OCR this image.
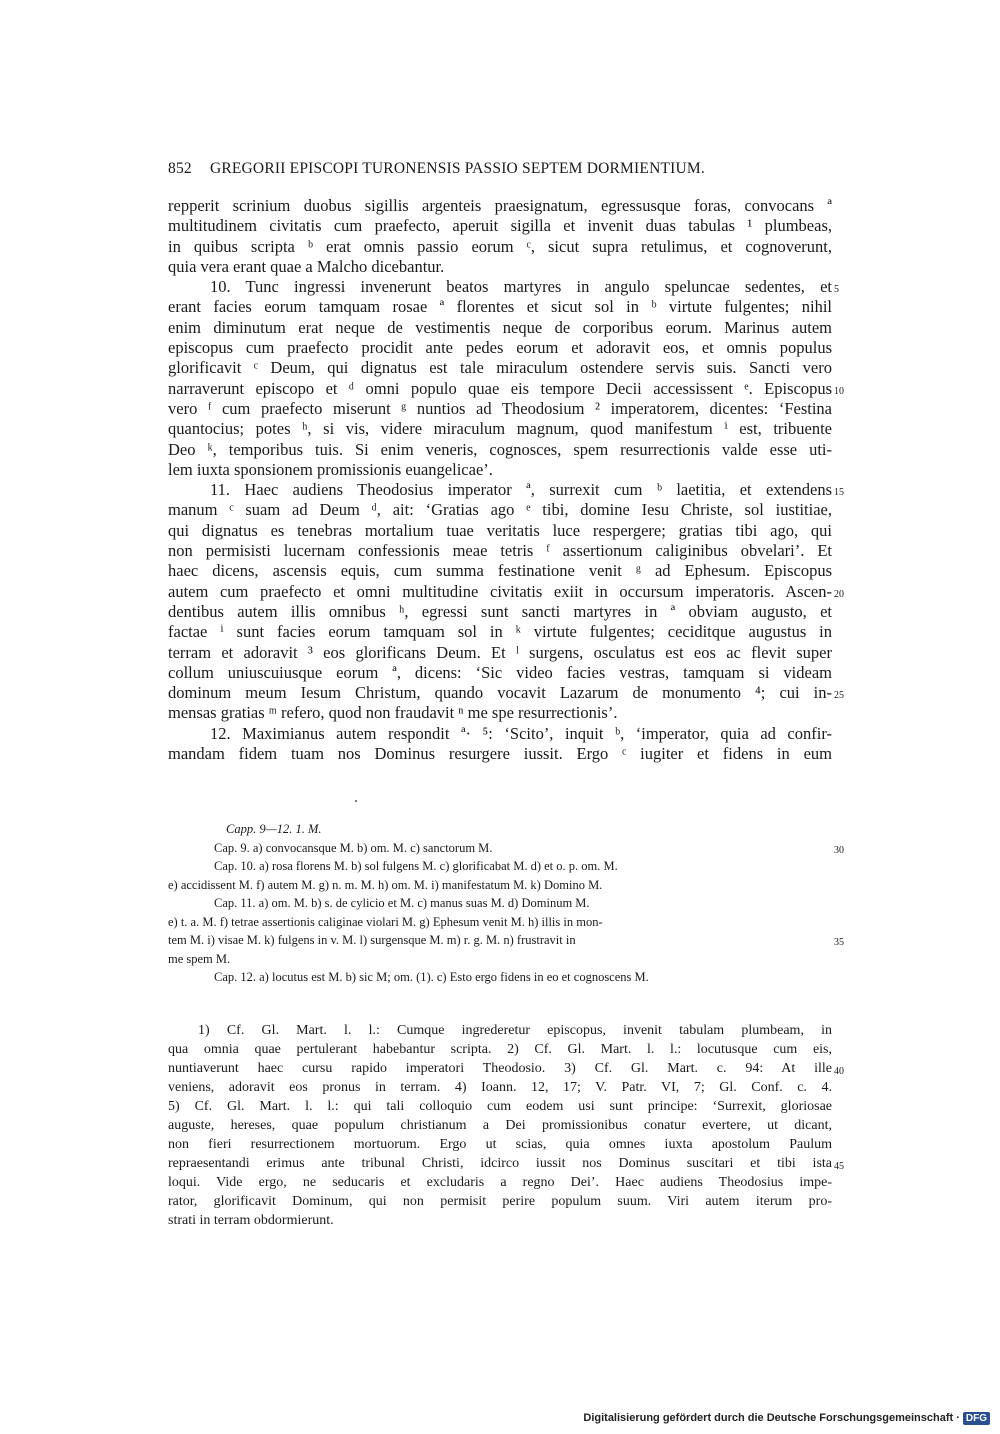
852 GREGORII EPISCOPI TURONENSIS PASSIO SEPTEM DORMIENTIUM.
repperit scrinium duobus sigillis argenteis praesignatum, egressusque foras, convocans ª
multitudinem civitatis cum praefecto, aperuit sigilla et invenit duas tabulas ¹ plumbeas,
in quibus scripta ᵇ erat omnis passio eorum ᶜ, sicut supra retulimus, et cognoverunt,
quia vera erant quae a Malcho dicebantur.
10. Tunc ingressi invenerunt beatos martyres in angulo speluncae sedentes, et 5
erant facies eorum tamquam rosae ª florentes et sicut sol in ᵇ virtute fulgentes; nihil
enim diminutum erat neque de vestimentis neque de corporibus eorum. Marinus autem
episcopus cum praefecto procidit ante pedes eorum et adoravit eos, et omnis populus
glorificavit ᶜ Deum, qui dignatus est tale miraculum ostendere servis suis. Sancti vero
narraverunt episcopo et ᵈ omni populo quae eis tempore Decii accessissent ᵉ. Episcopus 10
vero ᶠ cum praefecto miserunt ᵍ nuntios ad Theodosium ² imperatorem, dicentes: ‘Festina
quantocius; potes ʰ, si vis, videre miraculum magnum, quod manifestum ⁱ est, tribuente
Deo ᵏ, temporibus tuis. Si enim veneris, cognosces, spem resurrectionis valde esse uti-
lem iuxta sponsionem promissionis euangelicae’.
11. Haec audiens Theodosius imperator ª, surrexit cum ᵇ laetitia, et extendens 15
manum ᶜ suam ad Deum ᵈ, ait: ‘Gratias ago ᵉ tibi, domine Iesu Christe, sol iustitiae,
qui dignatus es tenebras mortalium tuae veritatis luce respergere; gratias tibi ago, qui
non permisisti lucernam confessionis meae tetris ᶠ assertionum caliginibus obvelari’. Et
haec dicens, ascensis equis, cum summa festinatione venit ᵍ ad Ephesum. Episcopus
autem cum praefecto et omni multitudine civitatis exiit in occursum imperatoris. Ascen- 20
dentibus autem illis omnibus ʰ, egressi sunt sancti martyres in ª obviam augusto, et
factae ⁱ sunt facies eorum tamquam sol in ᵏ virtute fulgentes; ceciditque augustus in
terram et adoravit ³ eos glorificans Deum. Et ˡ surgens, osculatus est eos ac flevit super
collum uniuscuiusque eorum ª, dicens: ‘Sic video facies vestras, tamquam si videam
dominum meum Iesum Christum, quando vocavit Lazarum de monumento ⁴; cui in- 25
mensas gratias ᵐ refero, quod non fraudavit ⁿ me spe resurrectionis’.
12. Maximianus autem respondit ª· ⁵: ‘Scito’, inquit ᵇ, ‘imperator, quia ad confir-
mandam fidem tuam nos Dominus resurgere iussit. Ergo ᶜ iugiter et fidens in eum
Capp. 9—12. 1. M.
Cap. 9. a) convocansque M. b) om. M. c) sanctorum M.	30
Cap. 10. a) rosa florens M. b) sol fulgens M. c) glorificabat M. d) et o. p. om. M.
e) accidissent M. f) autem M. g) n. m. M. h) om. M. i) manifestatum M. k) Domino M.
Cap. 11. a) om. M. b) s. de cylicio et M. c) manus suas M. d) Dominum M.
e) t. a. M. f) tetrae assertionis caliginae violari M. g) Ephesum venit M. h) illis in mon-
tem M. i) visae M. k) fulgens in v. M. l) surgensque M. m) r. g. M. n) frustravit in	35
me spem M.
Cap. 12. a) locutus est M. b) sic M; om. (1). c) Esto ergo fidens in eo et cognoscens M.
1) Cf. Gl. Mart. l. l.: Cumque ingrederetur episcopus, invenit tabulam plumbeam, in
qua omnia quae pertulerant habebantur scripta. 2) Cf. Gl. Mart. l. l.: locutusque cum eis,
nuntiaverunt haec cursu rapido imperatori Theodosio. 3) Cf. Gl. Mart. c. 94: At ille 40
veniens, adoravit eos pronus in terram. 4) Ioann. 12, 17; V. Patr. VI, 7; Gl. Conf. c. 4.
5) Cf. Gl. Mart. l. l.: qui tali colloquio cum eodem usi sunt principe: ‘Surrexit, gloriosae
auguste, hereses, quae populum christianum a Dei promissionibus conatur evertere, ut dicant,
non fieri resurrectionem mortuorum. Ergo ut scias, quia omnes iuxta apostolum Paulum
repraesentandi erimus ante tribunal Christi, idcirco iussit nos Dominus suscitari et tibi ista 45
loqui. Vide ergo, ne seducaris et excludaris a regno Dei’. Haec audiens Theodosius impe-
rator, glorificavit Dominum, qui non permisit perire populum suum. Viri autem iterum pro-
strati in terram obdormierunt.
Digitalisierung gefördert durch die Deutsche Forschungsgemeinschaft · DFG
